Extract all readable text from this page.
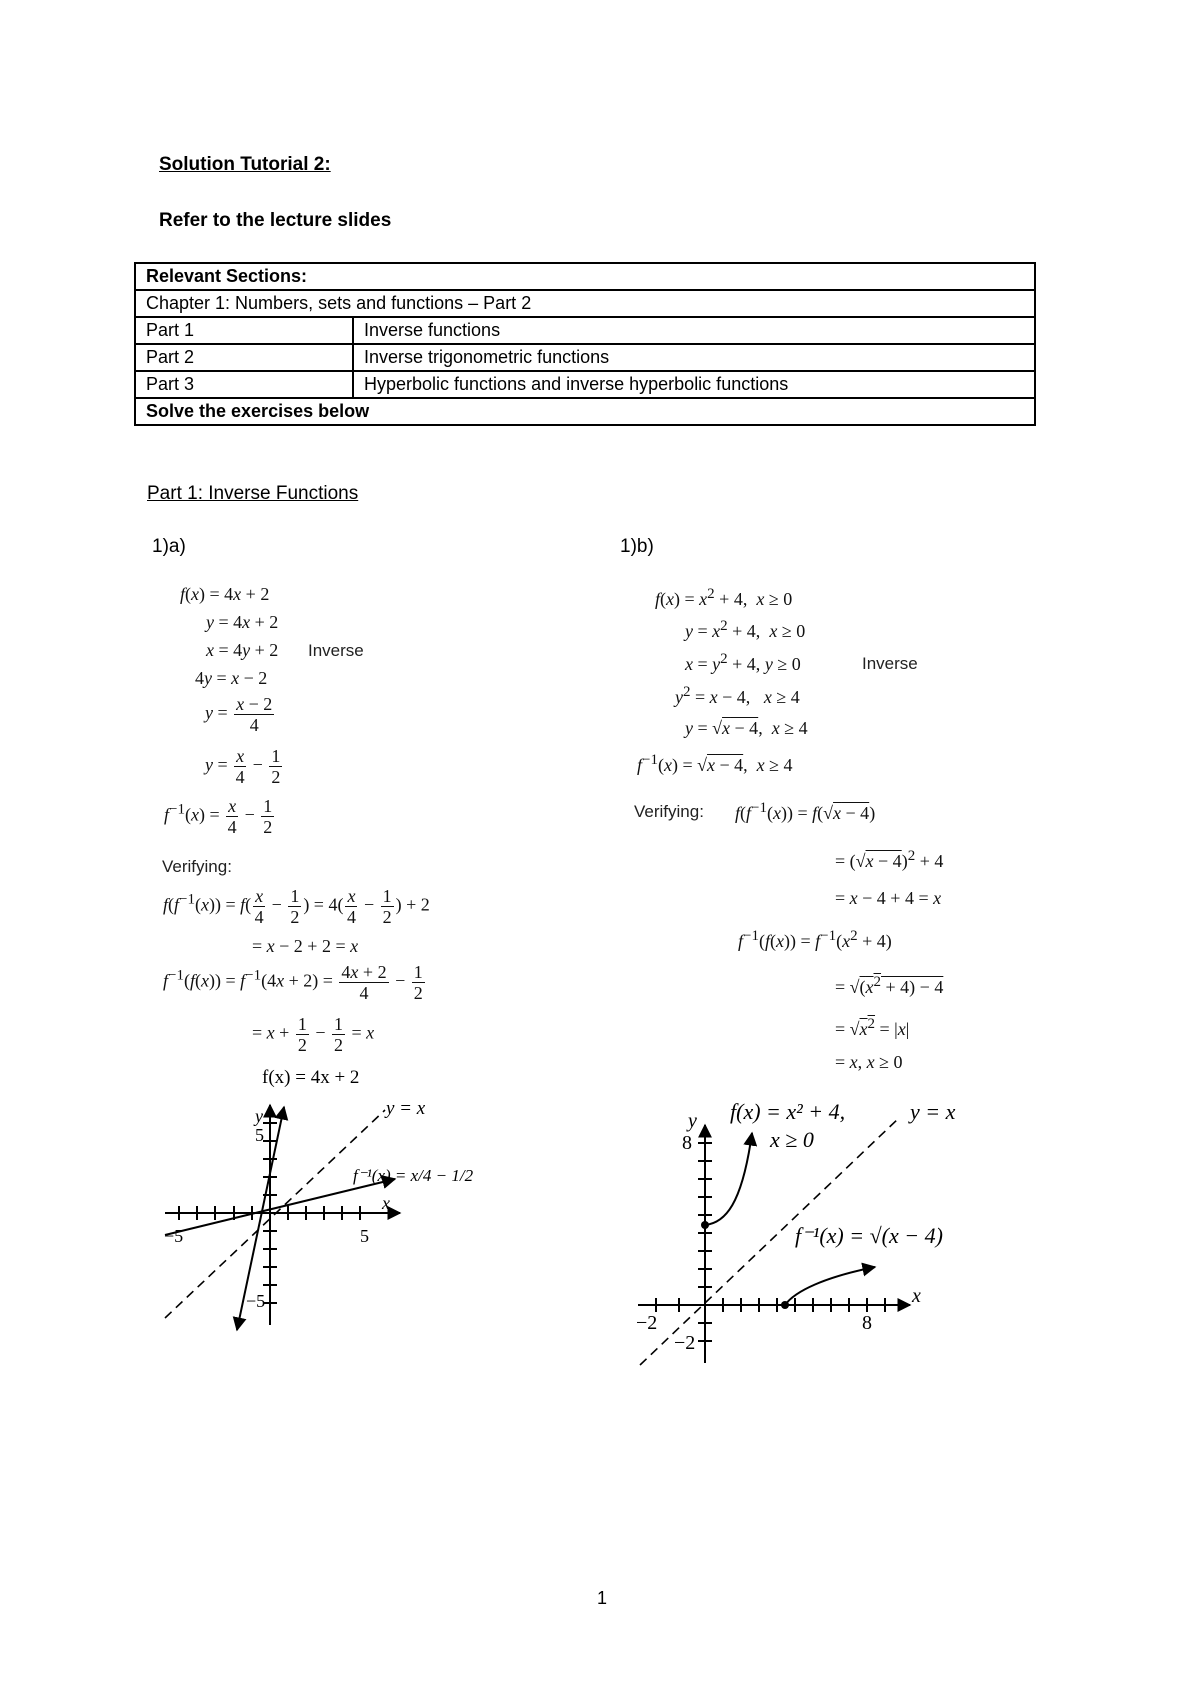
Solution Tutorial 2:
Refer to the lecture slides
Relevant Sections:	
Chapter 1: Numbers, sets and functions – Part 2	
Part 1	Inverse functions
Part 2	Inverse trigonometric functions
Part 3	Hyperbolic functions and inverse hyperbolic functions
Solve the exercises below	
Part 1: Inverse Functions
1)a)
f(x) = 4x + 2
y = 4x + 2
x = 4y + 2 Inverse
4y = x − 2
$y = \frac{x - 2}{4}$
$y = \frac{x}{4} - \frac{1}{2}$
$f^{-1}(x) = \frac{x}{4} - \frac{1}{2}$
Verifying:
$f(f^{-1}(x)) = f( \frac{x}{4} - \frac{1}{2}$ ) = $4( \frac{x}{4} - \frac{1}{2}$ ) + 2
= x − 2 + 2 = x
$f^{-1}(f(x)) = f^{-1}(4x + 2) = \frac{4x + 2}{4} - \frac{1}{2}$
= $x + \frac{1}{2} - \frac{1}{2} = x$
f(x) = 4x + 2
y = x
f⁻¹(x) = x/4 − 1/2
x
y
−5	5
5
−5
1)b)
$f(x) = x^2 + 4$,  x ≥ 0
$y = x^2 + 4$,  x ≥ 0
$x = y^2 + 4$, y ≥ 0	Inverse
$y^2 = x - 4$,   x ≥ 4
y = √x − 4,  x ≥ 4
$f^{-1}(x) = √x - 4$,  x ≥ 4
Verifying: $f(f^{-1}(x)) = f(√x - 4)$
= $(√x - 4)^2 + 4$
= x − 4 + 4 = x
$f^{-1}(f(x)) = f^{-1}(x^2 + 4)$
= $√(x^2 + 4) - 4$
= $√x^2 = |x|$
= x, x ≥ 0
f(x) = x² + 4,
x ≥ 0
y = x
f⁻¹(x) = √(x − 4)
x
y
−2	8
8
−2
1
